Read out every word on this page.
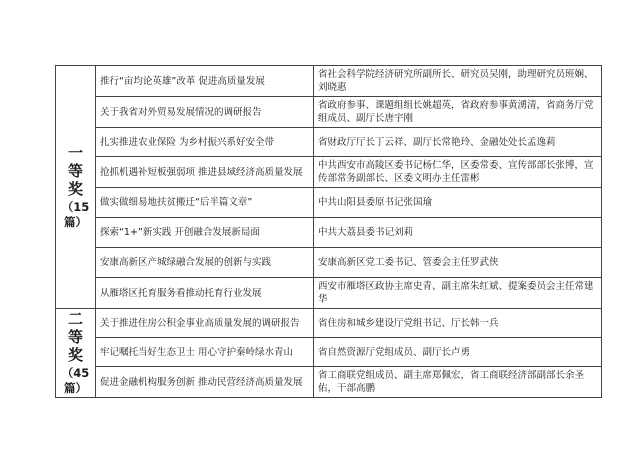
一
等
奖
（15 篇）	推行“亩均论英雄”改革 促进高质量发展	省社会科学院经济研究所副所长、研究员吴刚，助理研究员班娴、刘晓惠
	关于我省对外贸易发展情况的调研报告	省政府参事、课题组组长姚超英，省政府参事黄湧清，省商务厅党组成员、副厅长唐宇刚
	扎实推进农业保险 为乡村振兴系好安全带	省财政厅厅长丁云祥、副厅长常艳玲、金融处处长孟逸莉
	抢抓机遇补短板强弱项 推进县域经济高质量发展	中共西安市高陵区委书记杨仁华，区委常委、宣传部部长张博，宣传部常务副部长、区委文明办主任雷彬
	做实做细易地扶贫搬迁“后半篇文章”	中共山阳县委原书记张国瑜
	探索“1+”新实践 开创融合发展新局面	中共大荔县委书记刘莉
	安康高新区产城绿融合发展的创新与实践	安康高新区党工委书记、管委会主任罗武侠
	从雁塔区托育服务看推动托育行业发展	西安市雁塔区政协主席史青、副主席朱红斌、提案委员会主任常建华

二
等
奖
（45 篇）	关于推进住房公积金事业高质量发展的调研报告	省住房和城乡建设厅党组书记、厅长韩一兵
	牢记嘱托当好生态卫士 用心守护秦岭绿水青山	省自然资源厅党组成员、副厅长卢勇
	促进金融机构服务创新 推动民营经济高质量发展	省工商联党组成员、副主席郑佩宏，省工商联经济部副部长余圣佑，干部高鹏
